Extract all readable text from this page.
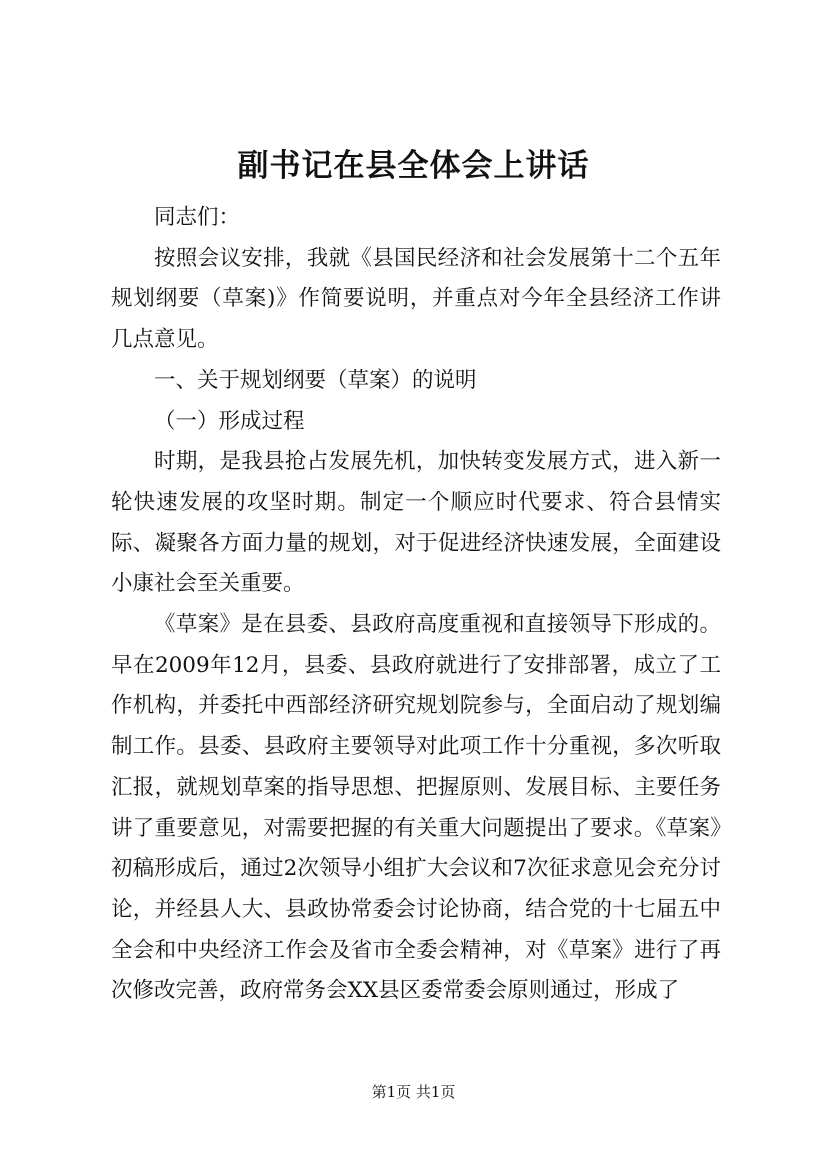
副书记在县全体会上讲话

同志们：

按照会议安排，我就《县国民经济和社会发展第十二个五年规划纲要（草案)》作简要说明，并重点对今年全县经济工作讲几点意见。

一、关于规划纲要（草案）的说明

（一）形成过程

时期，是我县抢占发展先机，加快转变发展方式，进入新一轮快速发展的攻坚时期。制定一个顺应时代要求、符合县情实际、凝聚各方面力量的规划，对于促进经济快速发展，全面建设小康社会至关重要。

《草案》是在县委、县政府高度重视和直接领导下形成的。早在2009年12月，县委、县政府就进行了安排部署，成立了工作机构，并委托中西部经济研究规划院参与，全面启动了规划编制工作。县委、县政府主要领导对此项工作十分重视，多次听取汇报，就规划草案的指导思想、把握原则、发展目标、主要任务讲了重要意见，对需要把握的有关重大问题提出了要求。《草案》初稿形成后，通过2次领导小组扩大会议和7次征求意见会充分讨论，并经县人大、县政协常委会讨论协商，结合党的十七届五中全会和中央经济工作会及省市全委会精神，对《草案》进行了再次修改完善，政府常务会XX县区委常委会原则通过，形成了

第1页 共1页
